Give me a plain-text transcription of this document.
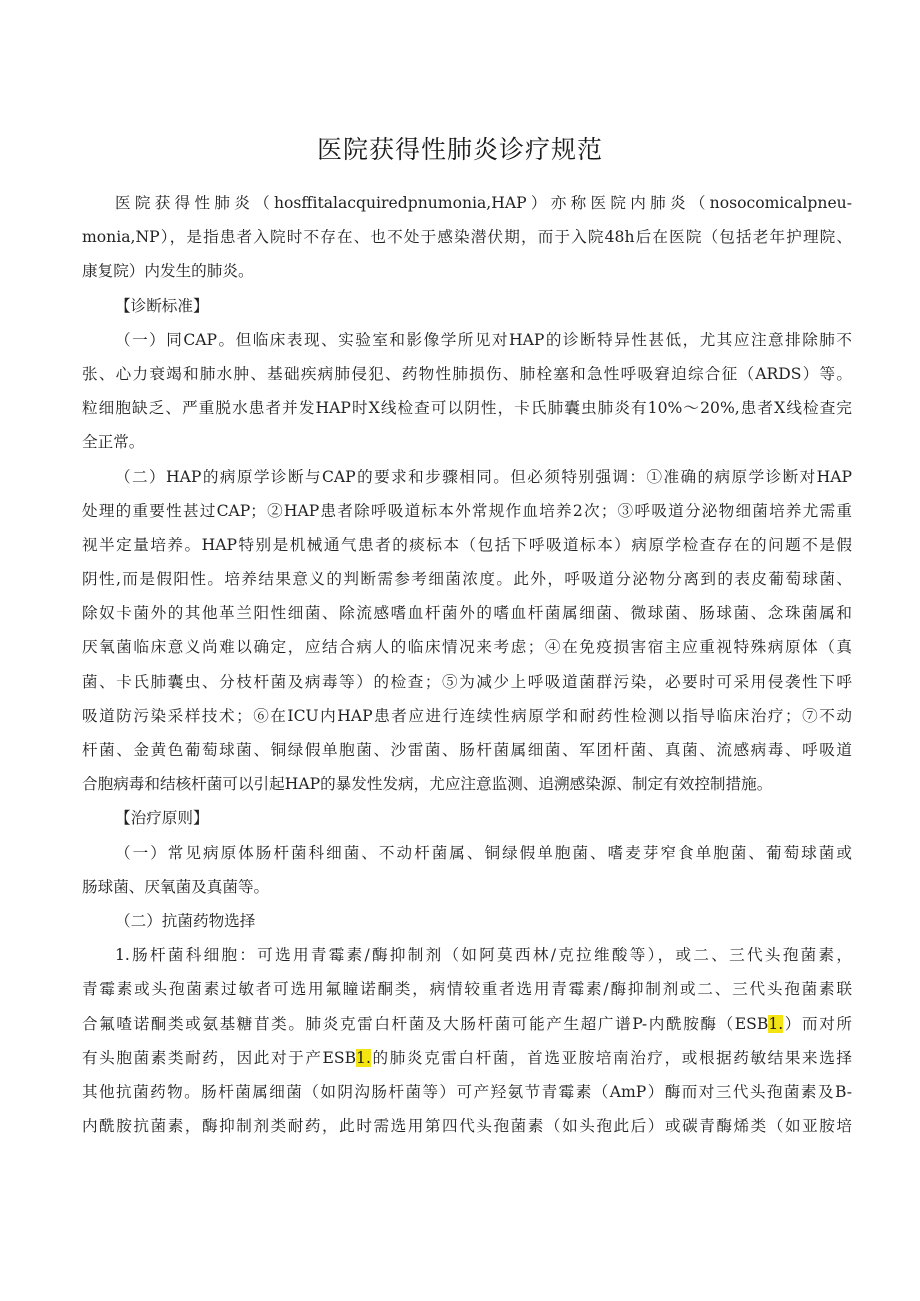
医院获得性肺炎诊疗规范
医院获得性肺炎（hosffitalacquiredpnumonia,HAP）亦称医院内肺炎（nosocomicalpneu-
monia,NP），是指患者入院时不存在、也不处于感染潜伏期，而于入院48h后在医院（包括老年护理院、
康复院）内发生的肺炎。
【诊断标准】
（一）同CAP。但临床表现、实验室和影像学所见对HAP的诊断特异性甚低，尤其应注意排除肺不
张、心力衰竭和肺水肿、基础疾病肺侵犯、药物性肺损伤、肺栓塞和急性呼吸窘迫综合征（ARDS）等。
粒细胞缺乏、严重脱水患者并发HAP时X线检查可以阴性，卡氏肺囊虫肺炎有10%～20%,患者X线检查完
全正常。
（二）HAP的病原学诊断与CAP的要求和步骤相同。但必须特别强调：①准确的病原学诊断对HAP
处理的重要性甚过CAP；②HAP患者除呼吸道标本外常规作血培养2次；③呼吸道分泌物细菌培养尤需重
视半定量培养。HAP特别是机械通气患者的痰标本（包括下呼吸道标本）病原学检查存在的问题不是假
阴性,而是假阳性。培养结果意义的判断需参考细菌浓度。此外，呼吸道分泌物分离到的表皮葡萄球菌、
除奴卡菌外的其他革兰阳性细菌、除流感嗜血杆菌外的嗜血杆菌属细菌、微球菌、肠球菌、念珠菌属和
厌氧菌临床意义尚难以确定，应结合病人的临床情况来考虑；④在免疫损害宿主应重视特殊病原体（真
菌、卡氏肺囊虫、分枝杆菌及病毒等）的检查；⑤为减少上呼吸道菌群污染，必要时可采用侵袭性下呼
吸道防污染采样技术；⑥在ICU内HAP患者应进行连续性病原学和耐药性检测以指导临床治疗；⑦不动
杆菌、金黄色葡萄球菌、铜绿假单胞菌、沙雷菌、肠杆菌属细菌、军团杆菌、真菌、流感病毒、呼吸道
合胞病毒和结核杆菌可以引起HAP的暴发性发病，尤应注意监测、追溯感染源、制定有效控制措施。
【治疗原则】
（一）常见病原体肠杆菌科细菌、不动杆菌属、铜绿假单胞菌、嗜麦芽窄食单胞菌、葡萄球菌或
肠球菌、厌氧菌及真菌等。
（二）抗菌药物选择
1.肠杆菌科细胞：可选用青霉素/酶抑制剂（如阿莫西林/克拉维酸等），或二、三代头孢菌素，
青霉素或头孢菌素过敏者可选用氟瞳诺酮类，病情较重者选用青霉素/酶抑制剂或二、三代头孢菌素联
合氟喳诺酮类或氨基糖苜类。肺炎克雷白杆菌及大肠杆菌可能产生超广谱P-内酰胺酶（ESB1.）而对所
有头胞菌素类耐药，因此对于产ESB1.的肺炎克雷白杆菌，首选亚胺培南治疗，或根据药敏结果来选择
其他抗菌药物。肠杆菌属细菌（如阴沟肠杆菌等）可产羟氨节青霉素（AmP）酶而对三代头孢菌素及B-
内酰胺抗菌素，酶抑制剂类耐药，此时需选用第四代头孢菌素（如头孢此后）或碳青酶烯类（如亚胺培
